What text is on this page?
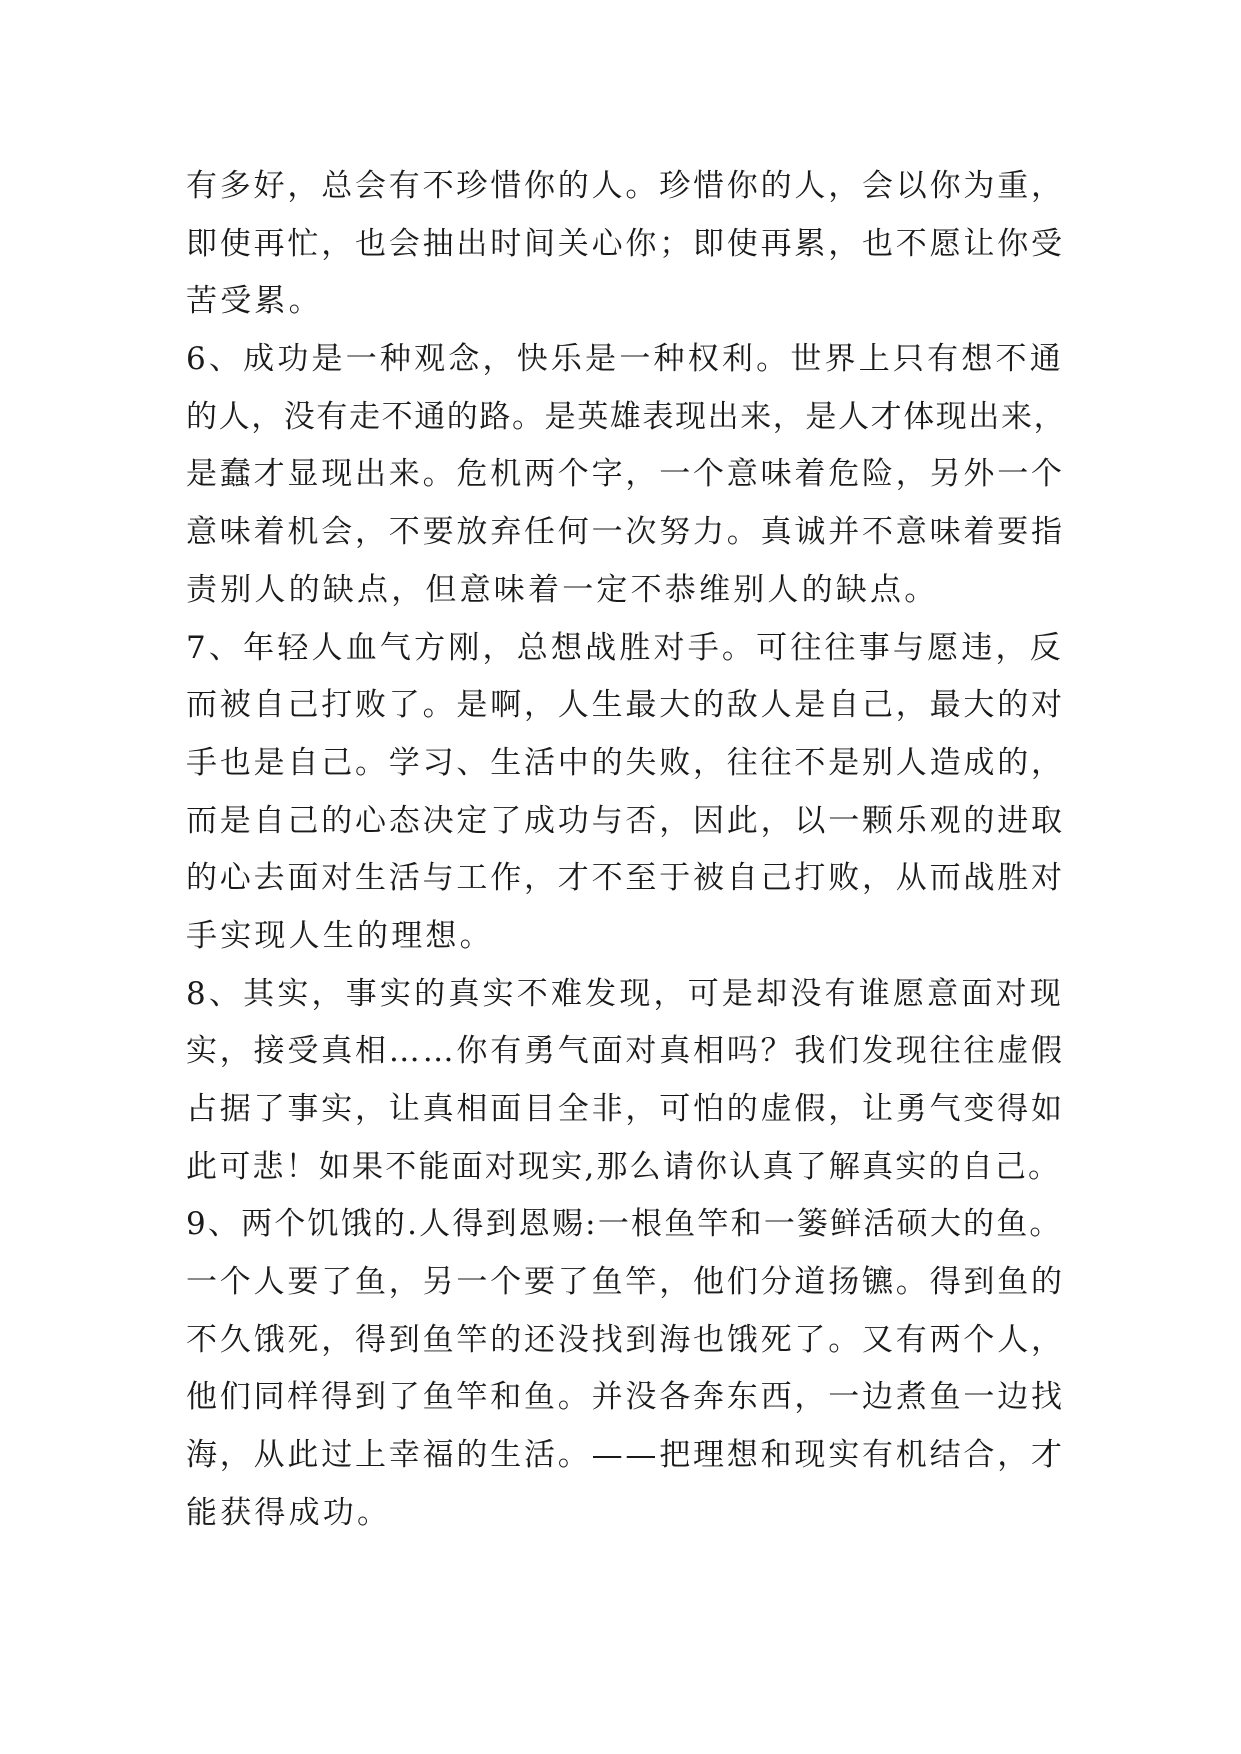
有多好，总会有不珍惜你的人。珍惜你的人，会以你为重，
即使再忙，也会抽出时间关心你；即使再累，也不愿让你受
苦受累。
6、成功是一种观念，快乐是一种权利。世界上只有想不通
的人，没有走不通的路。是英雄表现出来，是人才体现出来，
是蠢才显现出来。危机两个字，一个意味着危险，另外一个
意味着机会，不要放弃任何一次努力。真诚并不意味着要指
责别人的缺点，但意味着一定不恭维别人的缺点。
7、年轻人血气方刚，总想战胜对手。可往往事与愿违，反
而被自己打败了。是啊，人生最大的敌人是自己，最大的对
手也是自己。学习、生活中的失败，往往不是别人造成的，
而是自己的心态决定了成功与否，因此，以一颗乐观的进取
的心去面对生活与工作，才不至于被自己打败，从而战胜对
手实现人生的理想。
8、其实，事实的真实不难发现，可是却没有谁愿意面对现
实，接受真相……你有勇气面对真相吗？我们发现往往虚假
占据了事实，让真相面目全非，可怕的虚假，让勇气变得如
此可悲！如果不能面对现实,那么请你认真了解真实的自己。
9、两个饥饿的.人得到恩赐:一根鱼竿和一篓鲜活硕大的鱼。
一个人要了鱼，另一个要了鱼竿，他们分道扬镳。得到鱼的
不久饿死，得到鱼竿的还没找到海也饿死了。又有两个人，
他们同样得到了鱼竿和鱼。并没各奔东西，一边煮鱼一边找
海，从此过上幸福的生活。——把理想和现实有机结合，才
能获得成功。
